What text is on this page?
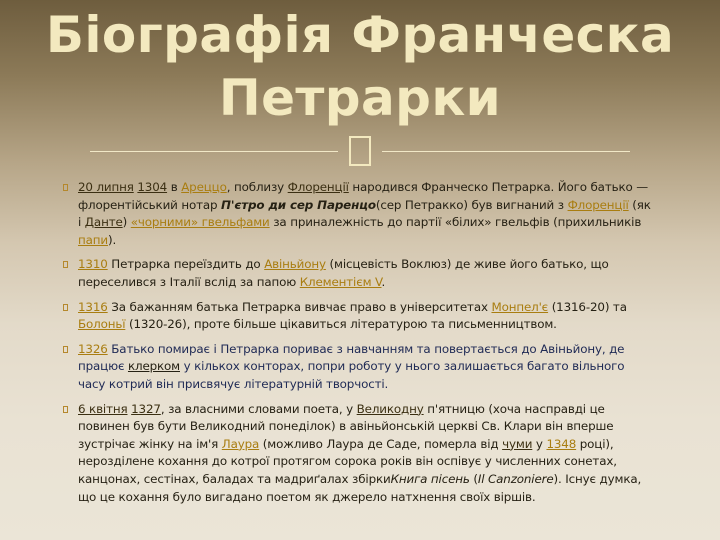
Біографія Франческа
Петрарки
20 липня 1304 в Ареццо, поблизу Флоренції народився Франческо Петрарка. Його батько — флорентійський нотар П'єтро ди сер Паренцо(сер Петракко) був вигнаний з Флоренції (як і Данте) «чорними» гвельфами за приналежність до партії «білих» гвельфів (прихильників папи).
1310 Петрарка переїздить до Авіньйону (місцевість Воклюз) де живе його батько, що переселився з Італії вслід за папою Клементієм V.
1316 За бажанням батька Петрарка вивчає право в університетах Монпел'є (1316-20) та Болоньї (1320-26), проте більше цікавиться літературою та письменництвом.
1326 Батько помирає і Петрарка пориває з навчанням та повертається до Авіньйону, де працює клерком у кількох конторах, попри роботу у нього залишається багато вільного часу котрий він присвячує літературній творчості.
6 квітня 1327, за власними словами поета, у Великодну п'ятницю (хоча насправді це повинен був бути Великодний понеділок) в авіньйонській церкві Св. Клари він вперше зустрічає жінку на ім'я Лаура (можливо Лаура де Саде, померла від чуми у 1348 році), нерозділене кохання до котрої протягом сорока років він оспівує у численних сонетах, канцонах, сестінах, баладах та мадриґалах збіркиКнига пісень (Il Canzoniere). Існує думка, що це кохання було вигадано поетом як джерело натхнення своїх віршів.
